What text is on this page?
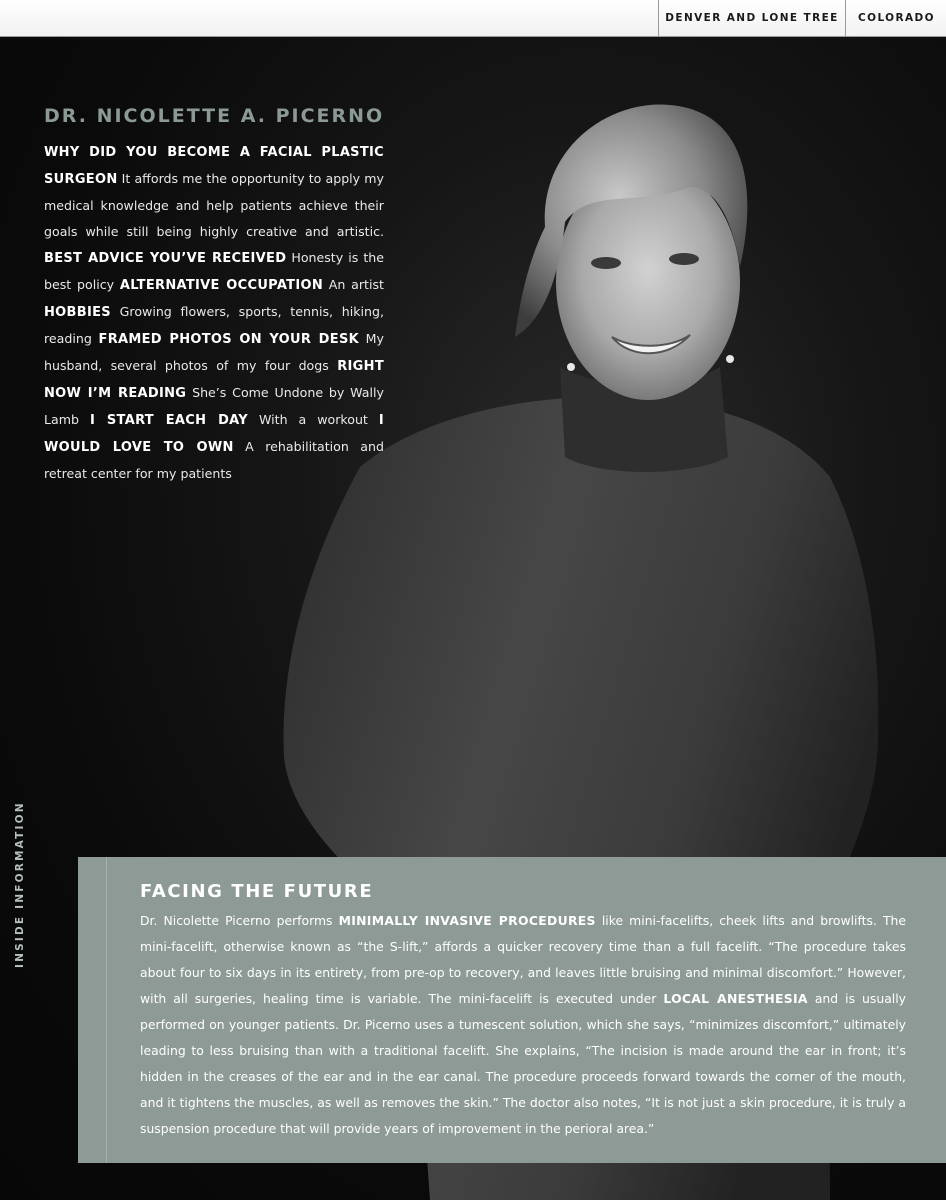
DENVER AND LONE TREE	COLORADO
DR. NICOLETTE A. PICERNO

WHY DID YOU BECOME A FACIAL PLASTIC SURGEON It affords me the opportunity to apply my medical knowledge and help patients achieve their goals while still being highly creative and artistic. BEST ADVICE YOU’VE RECEIVED Honesty is the best policy ALTERNATIVE OCCUPATION An artist HOBBIES Growing flowers, sports, tennis, hiking, reading FRAMED PHOTOS ON YOUR DESK My husband, several photos of my four dogs RIGHT NOW I’M READING She’s Come Undone by Wally Lamb I START EACH DAY With a workout I WOULD LOVE TO OWN A rehabilitation and retreat center for my patients

FACING THE FUTURE

Dr. Nicolette Picerno performs MINIMALLY INVASIVE PROCEDURES like mini-facelifts, cheek lifts and browlifts. The mini-facelift, otherwise known as “the S-lift,” affords a quicker recovery time than a full facelift. “The procedure takes about four to six days in its entirety, from pre-op to recovery, and leaves little bruising and minimal discomfort.” However, with all surgeries, healing time is variable. The mini-facelift is executed under LOCAL ANESTHESIA and is usually performed on younger patients. Dr. Picerno uses a tumescent solution, which she says, “minimizes discomfort,” ultimately leading to less bruising than with a traditional facelift. She explains, “The incision is made around the ear in front; it’s hidden in the creases of the ear and in the ear canal. The procedure proceeds forward towards the corner of the mouth, and it tightens the muscles, as well as removes the skin.” The doctor also notes, “It is not just a skin procedure, it is truly a suspension procedure that will provide years of improvement in the perioral area.”

INSIDE INFORMATION
